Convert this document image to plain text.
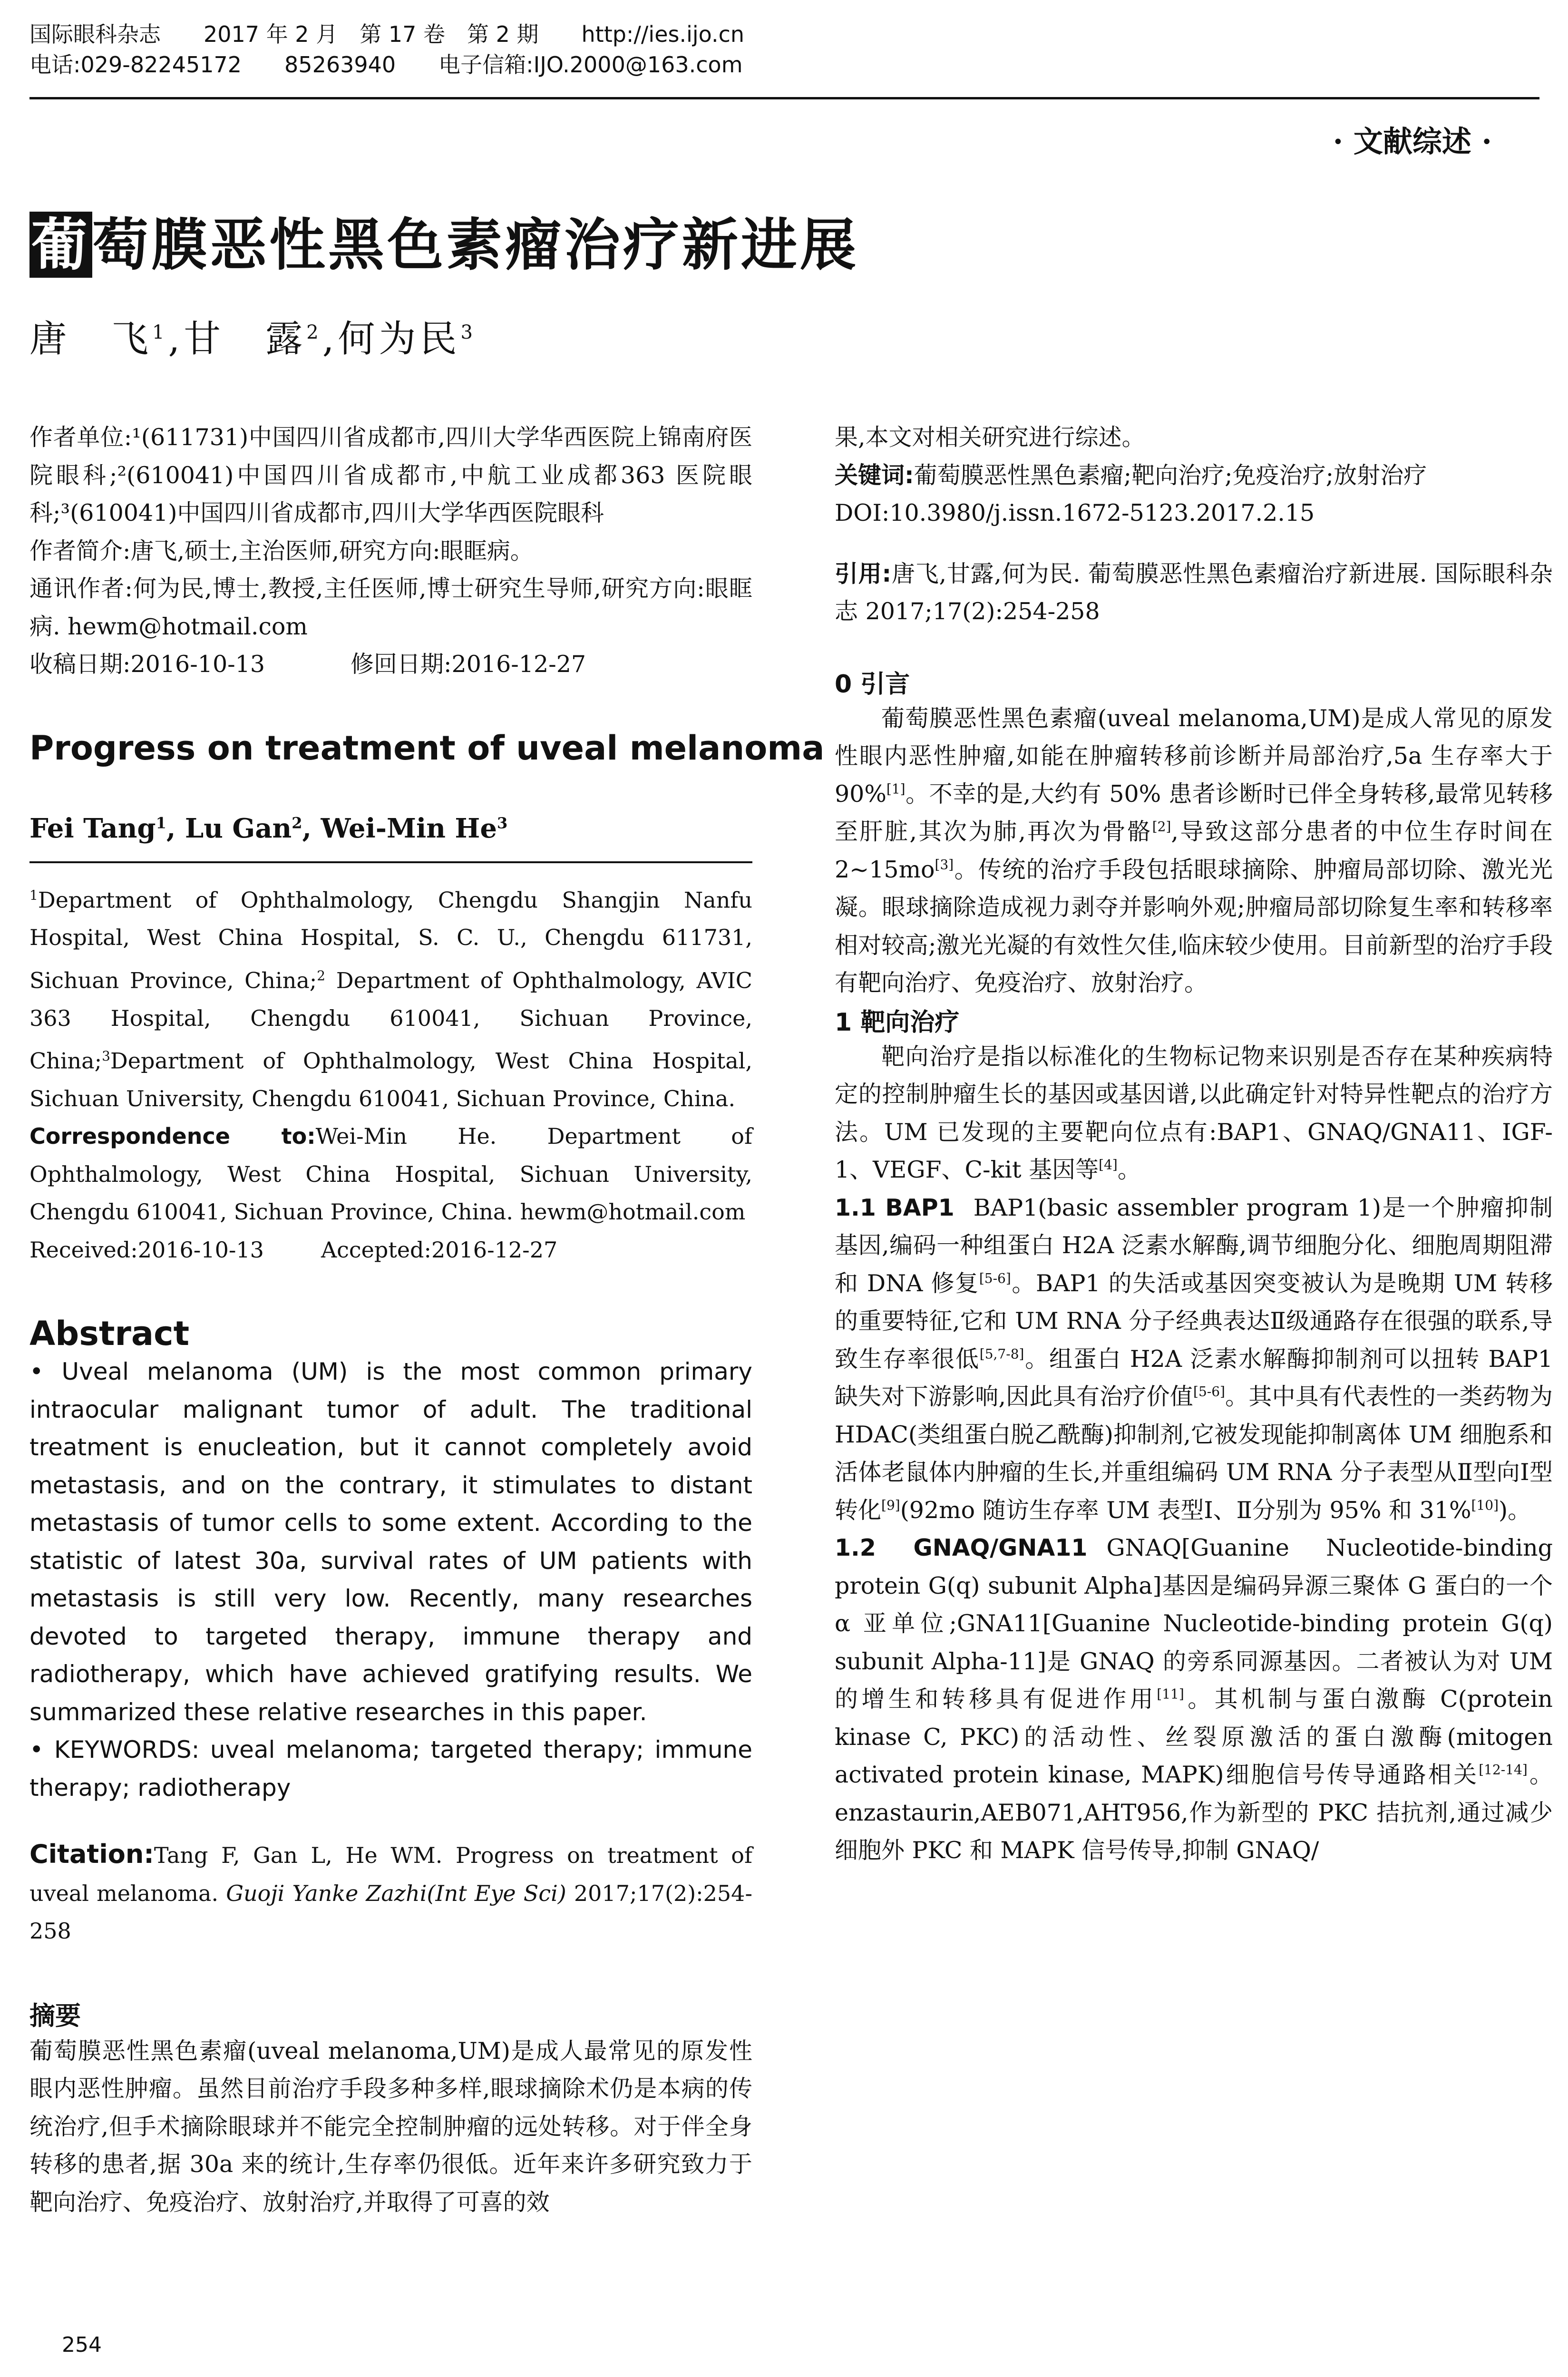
国际眼科杂志 2017 年 2 月　第 17 卷　第 2 期 http://ies.ijo.cn
电话:029-82245172 85263940 电子信箱:IJO.2000@163.com
· 文献综述 ·
葡萄膜恶性黑色素瘤治疗新进展
唐　飞$^1$,甘　露$^2$,何为民$^3$

作者单位:¹(611731)中国四川省成都市,四川大学华西医院上锦南府医院眼科;²(610041)中国四川省成都市,中航工业成都363 医院眼科;³(610041)中国四川省成都市,四川大学华西医院眼科

作者简介:唐飞,硕士,主治医师,研究方向:眼眶病。

通讯作者:何为民,博士,教授,主任医师,博士研究生导师,研究方向:眼眶病. hewm@hotmail.com

收稿日期:2016-10-13	修回日期:2016-12-27

Progress on treatment of uveal melanoma

Fei Tang$^1$, Lu Gan$^2$, Wei-Min He$^3$

$^1$Department of Ophthalmology, Chengdu Shangjin Nanfu Hospital, West China Hospital, S. C. U., Chengdu 611731, Sichuan Province, China;$^2$ Department of Ophthalmology, AVIC 363 Hospital, Chengdu 610041, Sichuan Province, China;$^3$Department of Ophthalmology, West China Hospital, Sichuan University, Chengdu 610041, Sichuan Province, China.

Correspondence to:Wei-Min He. Department of Ophthalmology, West China Hospital, Sichuan University, Chengdu 610041, Sichuan Province, China. hewm@hotmail.com

Received:2016-10-13	Accepted:2016-12-27

Abstract

• Uveal melanoma (UM) is the most common primary intraocular malignant tumor of adult. The traditional treatment is enucleation, but it cannot completely avoid metastasis, and on the contrary, it stimulates to distant metastasis of tumor cells to some extent. According to the statistic of latest 30a, survival rates of UM patients with metastasis is still very low. Recently, many researches devoted to targeted therapy, immune therapy and radiotherapy, which have achieved gratifying results. We summarized these relative researches in this paper.

• KEYWORDS: uveal melanoma; targeted therapy; immune therapy; radiotherapy

Citation:Tang F, Gan L, He WM. Progress on treatment of uveal melanoma. Guoji Yanke Zazhi(Int Eye Sci) 2017;17(2):254-258

摘要

葡萄膜恶性黑色素瘤(uveal melanoma,UM)是成人最常见的原发性眼内恶性肿瘤。虽然目前治疗手段多种多样,眼球摘除术仍是本病的传统治疗,但手术摘除眼球并不能完全控制肿瘤的远处转移。对于伴全身转移的患者,据 30a 来的统计,生存率仍很低。近年来许多研究致力于靶向治疗、免疫治疗、放射治疗,并取得了可喜的效

果,本文对相关研究进行综述。

关键词:葡萄膜恶性黑色素瘤;靶向治疗;免疫治疗;放射治疗

DOI:10.3980/j.issn.1672-5123.2017.2.15

引用:唐飞,甘露,何为民. 葡萄膜恶性黑色素瘤治疗新进展. 国际眼科杂志 2017;17(2):254-258

0 引言

葡萄膜恶性黑色素瘤(uveal melanoma,UM)是成人常见的原发性眼内恶性肿瘤,如能在肿瘤转移前诊断并局部治疗,5a 生存率大于 90%[1]。不幸的是,大约有 50% 患者诊断时已伴全身转移,最常见转移至肝脏,其次为肺,再次为骨骼[2],导致这部分患者的中位生存时间在 2~15mo[3]。传统的治疗手段包括眼球摘除、肿瘤局部切除、激光光凝。眼球摘除造成视力剥夺并影响外观;肿瘤局部切除复生率和转移率相对较高;激光光凝的有效性欠佳,临床较少使用。目前新型的治疗手段有靶向治疗、免疫治疗、放射治疗。

1 靶向治疗

靶向治疗是指以标准化的生物标记物来识别是否存在某种疾病特定的控制肿瘤生长的基因或基因谱,以此确定针对特异性靶点的治疗方法。UM 已发现的主要靶向位点有:BAP1、GNAQ/GNA11、IGF-1、VEGF、C-kit 基因等[4]。

1.1 BAP1 BAP1(basic assembler program 1)是一个肿瘤抑制基因,编码一种组蛋白 H2A 泛素水解酶,调节细胞分化、细胞周期阻滞和 DNA 修复[5-6]。BAP1 的失活或基因突变被认为是晚期 UM 转移的重要特征,它和 UM RNA 分子经典表达Ⅱ级通路存在很强的联系,导致生存率很低[5,7-8]。组蛋白 H2A 泛素水解酶抑制剂可以扭转 BAP1 缺失对下游影响,因此具有治疗价值[5-6]。其中具有代表性的一类药物为 HDAC(类组蛋白脱乙酰酶)抑制剂,它被发现能抑制离体 UM 细胞系和活体老鼠体内肿瘤的生长,并重组编码 UM RNA 分子表型从Ⅱ型向Ⅰ型转化[9](92mo 随访生存率 UM 表型Ⅰ、Ⅱ分别为 95% 和 31%[10])。

1.2 GNAQ/GNA11 GNAQ[Guanine Nucleotide-binding protein G(q) subunit Alpha]基因是编码异源三聚体 G 蛋白的一个 α 亚单位;GNA11[Guanine Nucleotide-binding protein G(q) subunit Alpha-11]是 GNAQ 的旁系同源基因。二者被认为对 UM 的增生和转移具有促进作用[11]。其机制与蛋白激酶 C(protein kinase C, PKC)的活动性、丝裂原激活的蛋白激酶(mitogen activated protein kinase, MAPK)细胞信号传导通路相关[12-14]。enzastaurin,AEB071,AHT956,作为新型的 PKC 拮抗剂,通过减少细胞外 PKC 和 MAPK 信号传导,抑制 GNAQ/

254
